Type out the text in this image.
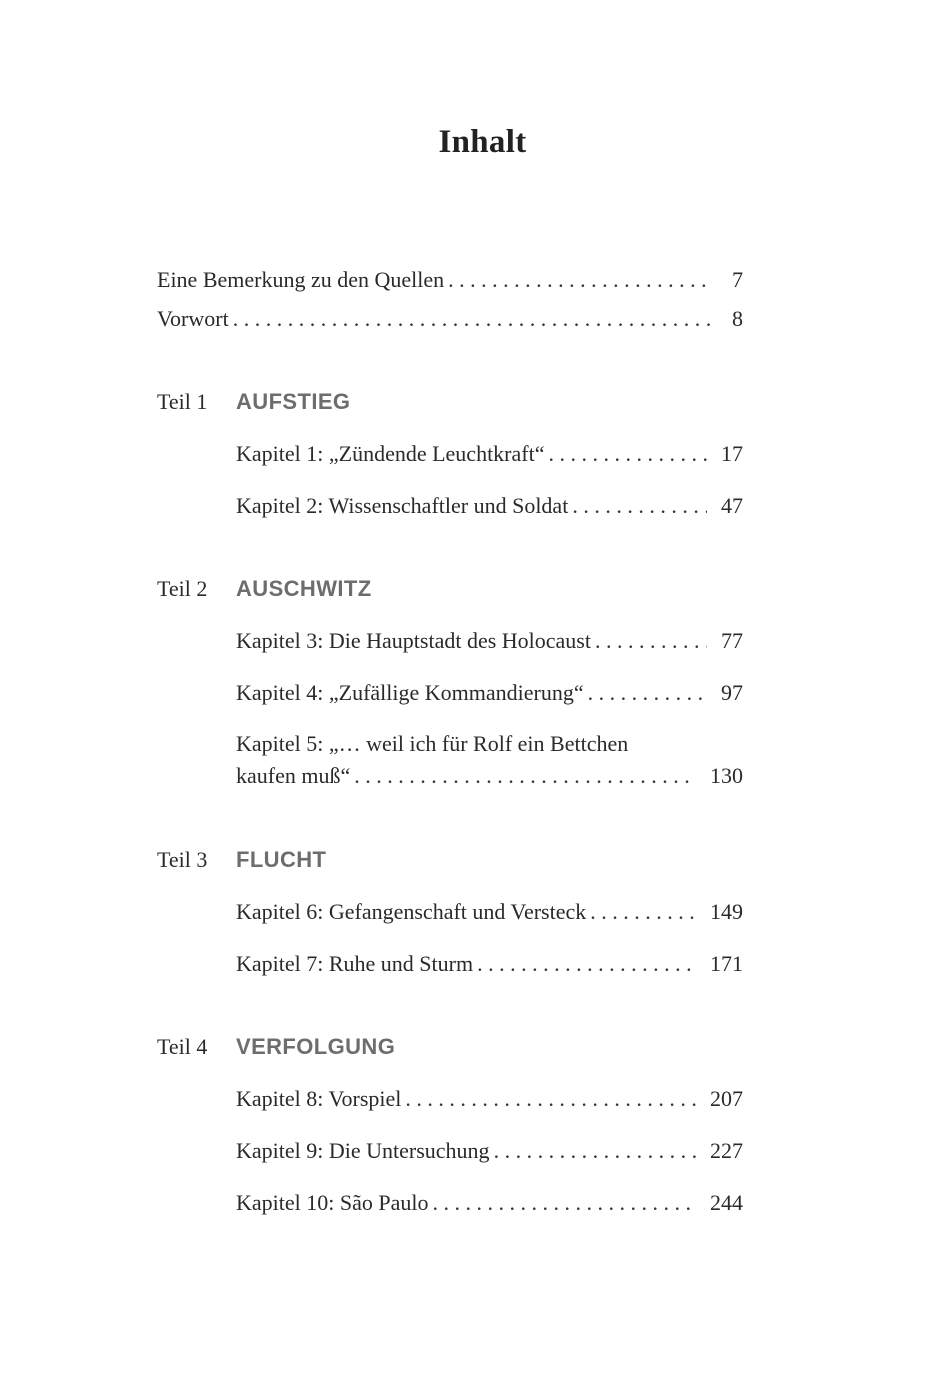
Inhalt
Eine Bemerkung zu den Quellen . . .	7
Vorwort . . .	8
Teil 1	AUFSTIEG
Kapitel 1: „Zündende Leuchtkraft“ . . .	17
Kapitel 2: Wissenschaftler und Soldat . . .	47
Teil 2	AUSCHWITZ
Kapitel 3: Die Hauptstadt des Holocaust . . .	77
Kapitel 4: „Zufällige Kommandierung“ . . .	97
Kapitel 5: „… weil ich für Rolf ein Bettchen
kaufen muß“ . . .	130
Teil 3	FLUCHT
Kapitel 6: Gefangenschaft und Versteck . . .	149
Kapitel 7: Ruhe und Sturm . . .	171
Teil 4	VERFOLGUNG
Kapitel 8: Vorspiel . . .	207
Kapitel 9: Die Untersuchung . . .	227
Kapitel 10: São Paulo . . .	244
